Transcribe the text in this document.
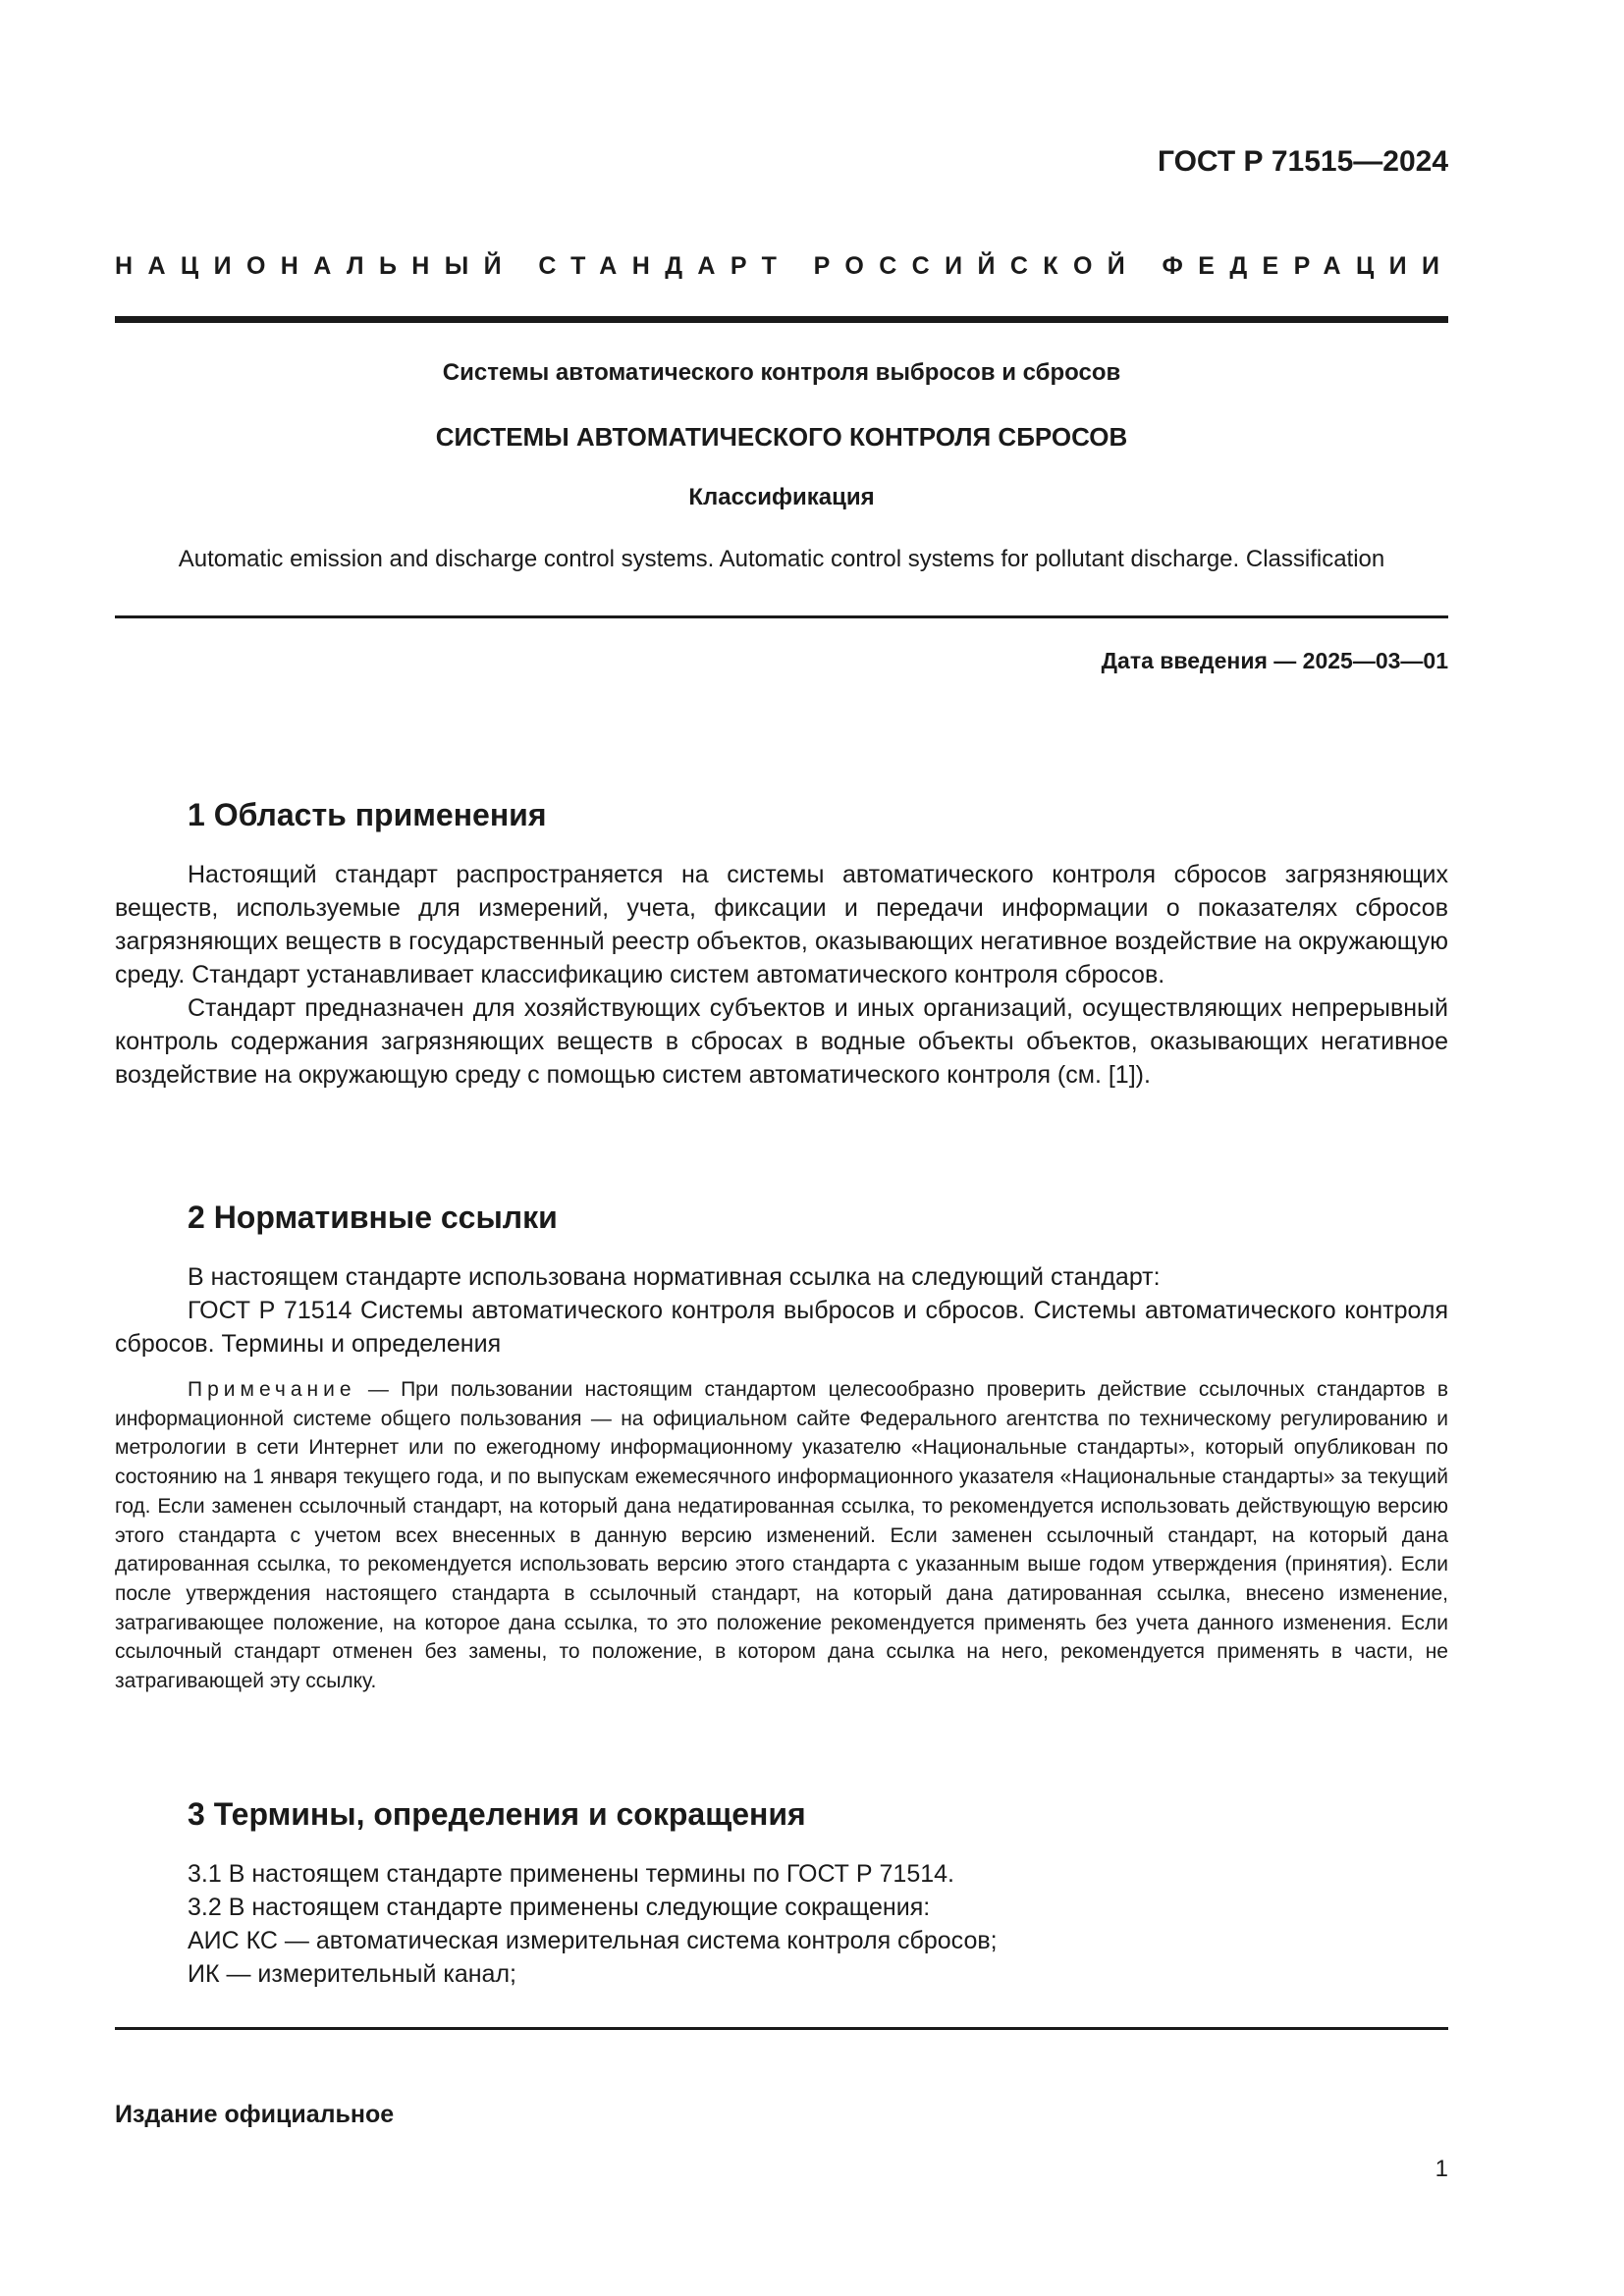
ГОСТ Р 71515—2024
НАЦИОНАЛЬНЫЙ СТАНДАРТ РОССИЙСКОЙ ФЕДЕРАЦИИ
Системы автоматического контроля выбросов и сбросов
СИСТЕМЫ АВТОМАТИЧЕСКОГО КОНТРОЛЯ СБРОСОВ
Классификация
Automatic emission and discharge control systems. Automatic control systems for pollutant discharge. Classification
Дата введения — 2025—03—01
1 Область применения

Настоящий стандарт распространяется на системы автоматического контроля сбросов загрязняющих веществ, используемые для измерений, учета, фиксации и передачи информации о показателях сбросов загрязняющих веществ в государственный реестр объектов, оказывающих негативное воздействие на окружающую среду. Стандарт устанавливает классификацию систем автоматического контроля сбросов.

Стандарт предназначен для хозяйствующих субъектов и иных организаций, осуществляющих непрерывный контроль содержания загрязняющих веществ в сбросах в водные объекты объектов, оказывающих негативное воздействие на окружающую среду с помощью систем автоматического контроля (см. [1]).

2 Нормативные ссылки

В настоящем стандарте использована нормативная ссылка на следующий стандарт:

ГОСТ Р 71514 Системы автоматического контроля выбросов и сбросов. Системы автоматического контроля сбросов. Термины и определения

Примечание — При пользовании настоящим стандартом целесообразно проверить действие ссылочных стандартов в информационной системе общего пользования — на официальном сайте Федерального агентства по техническому регулированию и метрологии в сети Интернет или по ежегодному информационному указателю «Национальные стандарты», который опубликован по состоянию на 1 января текущего года, и по выпускам ежемесячного информационного указателя «Национальные стандарты» за текущий год. Если заменен ссылочный стандарт, на который дана недатированная ссылка, то рекомендуется использовать действующую версию этого стандарта с учетом всех внесенных в данную версию изменений. Если заменен ссылочный стандарт, на который дана датированная ссылка, то рекомендуется использовать версию этого стандарта с указанным выше годом утверждения (принятия). Если после утверждения настоящего стандарта в ссылочный стандарт, на который дана датированная ссылка, внесено изменение, затрагивающее положение, на которое дана ссылка, то это положение рекомендуется применять без учета данного изменения. Если ссылочный стандарт отменен без замены, то положение, в котором дана ссылка на него, рекомендуется применять в части, не затрагивающей эту ссылку.

3 Термины, определения и сокращения

3.1 В настоящем стандарте применены термины по ГОСТ Р 71514.

3.2 В настоящем стандарте применены следующие сокращения:

АИС КС — автоматическая измерительная система контроля сбросов;

ИК — измерительный канал;

Издание официальное
1
